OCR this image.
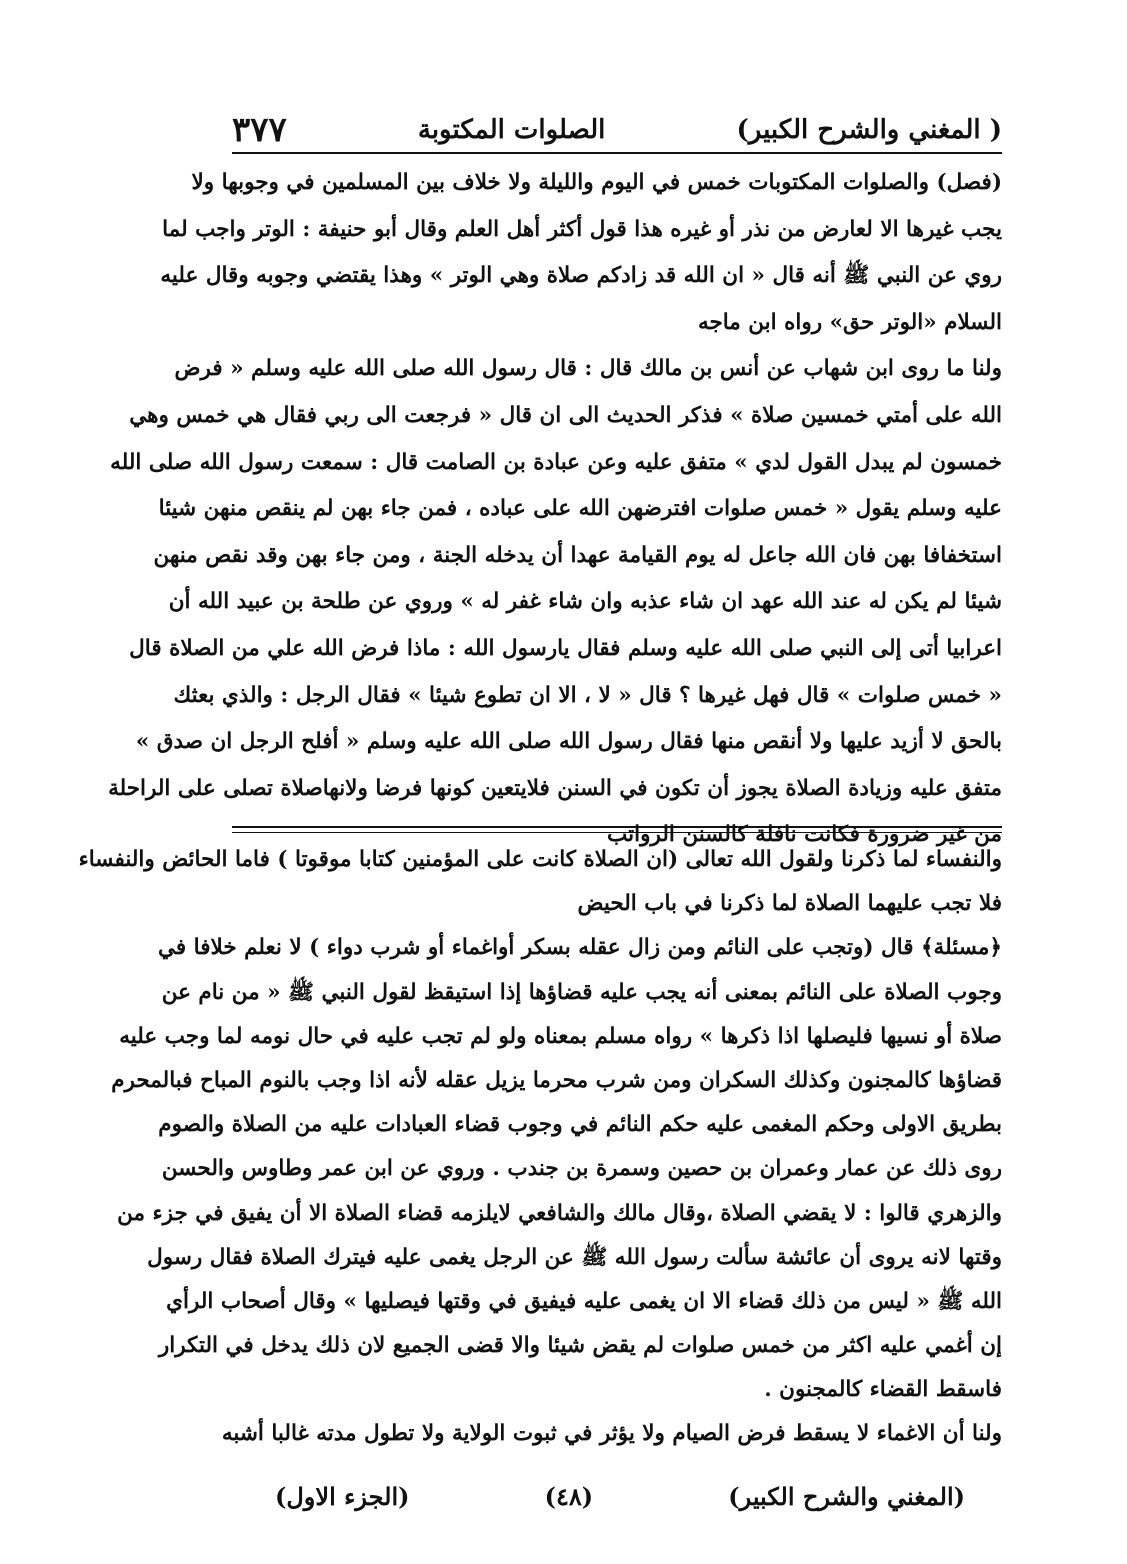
( المغني والشرح الكبير)
الصلوات المكتوبة
٣٧٧
(فصل) والصلوات المكتوبات خمس في اليوم والليلة ولا خلاف بين المسلمين في وجوبها ولا
يجب غيرها الا لعارض من نذر أو غيره هذا قول أكثر أهل العلم وقال أبو حنيفة : الوتر واجب لما
روي عن النبي ﷺ أنه قال « ان الله قد زادكم صلاة وهي الوتر » وهذا يقتضي وجوبه وقال عليه
السلام «الوتر حق» رواه ابن ماجه
ولنا ما روى ابن شهاب عن أنس بن مالك قال : قال رسول الله صلى الله عليه وسلم « فرض
الله على أمتي خمسين صلاة » فذكر الحديث الى ان قال « فرجعت الى ربي فقال هي خمس وهي
خمسون لم يبدل القول لدي » متفق عليه وعن عبادة بن الصامت قال : سمعت رسول الله صلى الله
عليه وسلم يقول « خمس صلوات افترضهن الله على عباده ، فمن جاء بهن لم ينقص منهن شيئا
استخفافا بهن فان الله جاعل له يوم القيامة عهدا أن يدخله الجنة ، ومن جاء بهن وقد نقص منهن
شيئا لم يكن له عند الله عهد ان شاء عذبه وان شاء غفر له » وروي عن طلحة بن عبيد الله أن
اعرابيا أتى إلى النبي صلى الله عليه وسلم فقال يارسول الله : ماذا فرض الله علي من الصلاة قال
« خمس صلوات » قال فهل غيرها ؟ قال « لا ، الا ان تطوع شيئا » فقال الرجل : والذي بعثك
بالحق لا أزيد عليها ولا أنقص منها فقال رسول الله صلى الله عليه وسلم « أفلح الرجل ان صدق »
متفق عليه وزيادة الصلاة يجوز أن تكون في السنن فلايتعين كونها فرضا ولانهاصلاة تصلى على الراحلة
من غير ضرورة فكانت نافلة كالسنن الرواتب
والنفساء لما ذكرنا ولقول الله تعالى (ان الصلاة كانت على المؤمنين كتابا موقوتا ) فاما الحائض والنفساء
فلا تجب عليهما الصلاة لما ذكرنا في باب الحيض
﴿مسئلة﴾ قال (وتجب على النائم ومن زال عقله بسكر أواغماء أو شرب دواء ) لا نعلم خلافا في
وجوب الصلاة على النائم بمعنى أنه يجب عليه قضاؤها إذا استيقظ لقول النبي ﷺ « من نام عن
صلاة أو نسيها فليصلها اذا ذكرها » رواه مسلم بمعناه ولو لم تجب عليه في حال نومه لما وجب عليه
قضاؤها كالمجنون وكذلك السكران ومن شرب محرما يزيل عقله لأنه اذا وجب بالنوم المباح فبالمحرم
بطريق الاولى وحكم المغمى عليه حكم النائم في وجوب قضاء العبادات عليه من الصلاة والصوم
روى ذلك عن عمار وعمران بن حصين وسمرة بن جندب . وروي عن ابن عمر وطاوس والحسن
والزهري قالوا : لا يقضي الصلاة ،وقال مالك والشافعي لايلزمه قضاء الصلاة الا أن يفيق في جزء من
وقتها لانه يروى أن عائشة سألت رسول الله ﷺ عن الرجل يغمى عليه فيترك الصلاة فقال رسول
الله ﷺ « ليس من ذلك قضاء الا ان يغمى عليه فيفيق في وقتها فيصليها » وقال أصحاب الرأي
إن أغمي عليه اكثر من خمس صلوات لم يقض شيئا والا قضى الجميع لان ذلك يدخل في التكرار
فاسقط القضاء كالمجنون .
ولنا أن الاغماء لا يسقط فرض الصيام ولا يؤثر في ثبوت الولاية ولا تطول مدته غالبا أشبه
(المغني والشرح الكبير)
(٤٨)
(الجزء الاول)
